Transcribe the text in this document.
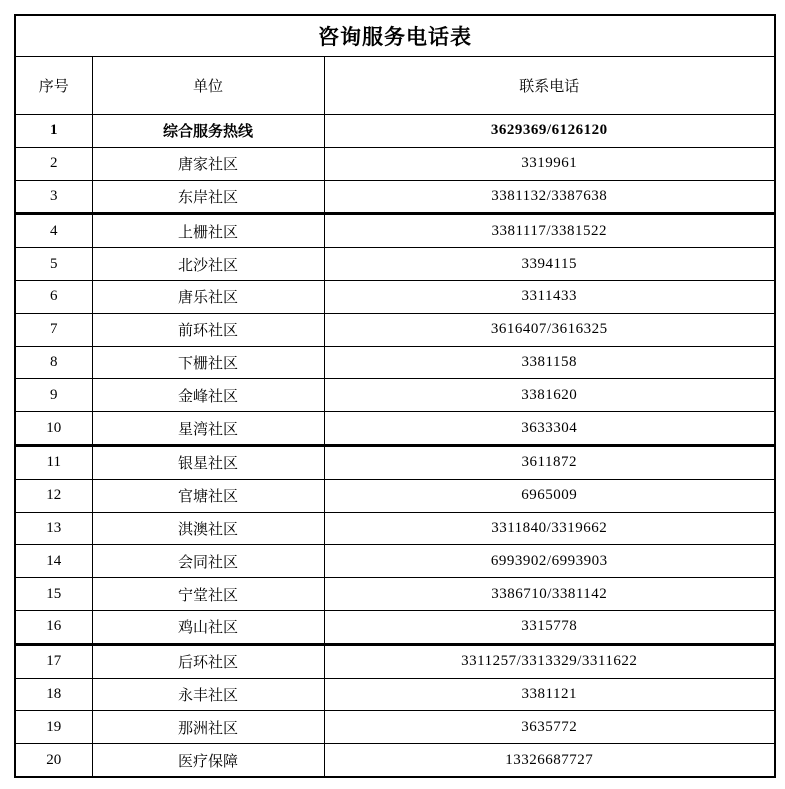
咨询服务电话表		
序号	单位	联系电话
1	综合服务热线	3629369/6126120
2	唐家社区	3319961
3	东岸社区	3381132/3387638
4	上栅社区	3381117/3381522
5	北沙社区	3394115
6	唐乐社区	3311433
7	前环社区	3616407/3616325
8	下栅社区	3381158
9	金峰社区	3381620
10	星湾社区	3633304
11	银星社区	3611872
12	官塘社区	6965009
13	淇澳社区	3311840/3319662
14	会同社区	6993902/6993903
15	宁堂社区	3386710/3381142
16	鸡山社区	3315778
17	后环社区	3311257/3313329/3311622
18	永丰社区	3381121
19	那洲社区	3635772
20	医疗保障	13326687727
